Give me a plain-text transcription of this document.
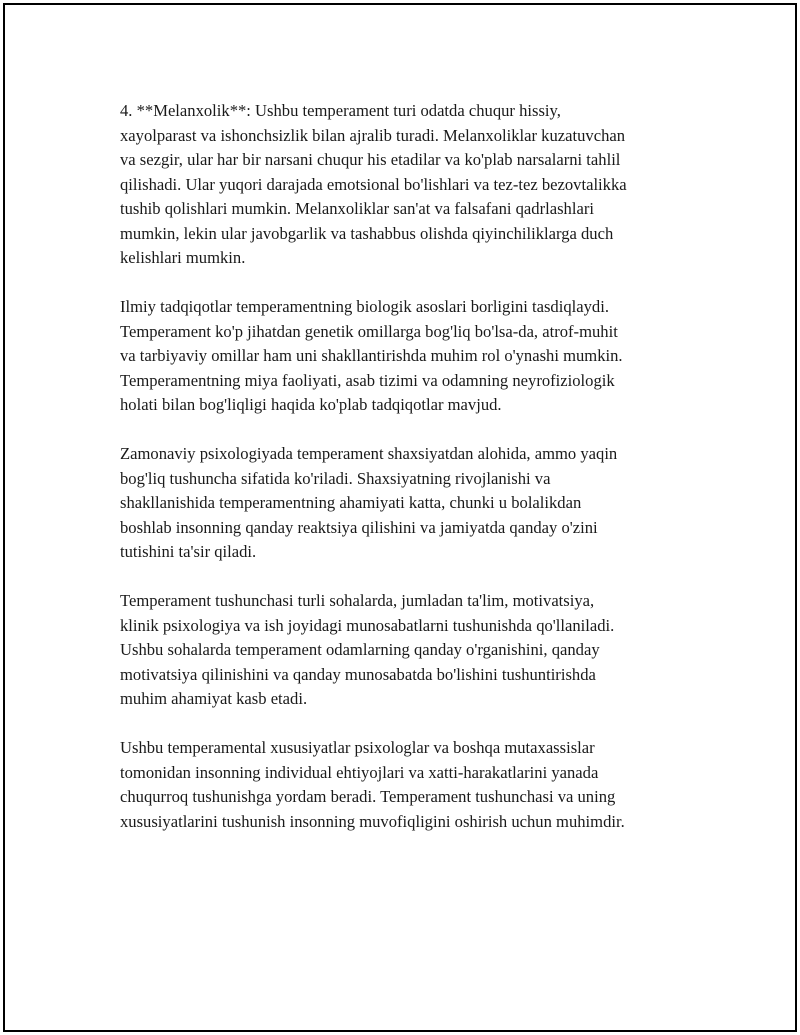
4. **Melanxolik**: Ushbu temperament turi odatda chuqur hissiy,
xayolparast va ishonchsizlik bilan ajralib turadi. Melanxoliklar kuzatuvchan
va sezgir, ular har bir narsani chuqur his etadilar va ko'plab narsalarni tahlil
qilishadi. Ular yuqori darajada emotsional bo'lishlari va tez-tez bezovtalikka
tushib qolishlari mumkin. Melanxoliklar san'at va falsafani qadrlashlari
mumkin, lekin ular javobgarlik va tashabbus olishda qiyinchiliklarga duch
kelishlari mumkin.

Ilmiy tadqiqotlar temperamentning biologik asoslari borligini tasdiqlaydi.
Temperament ko'p jihatdan genetik omillarga bog'liq bo'lsa-da, atrof-muhit
va tarbiyaviy omillar ham uni shakllantirishda muhim rol o'ynashi mumkin.
Temperamentning miya faoliyati, asab tizimi va odamning neyrofiziologik
holati bilan bog'liqligi haqida ko'plab tadqiqotlar mavjud.

Zamonaviy psixologiyada temperament shaxsiyatdan alohida, ammo yaqin
bog'liq tushuncha sifatida ko'riladi. Shaxsiyatning rivojlanishi va
shakllanishida temperamentning ahamiyati katta, chunki u bolalikdan
boshlab insonning qanday reaktsiya qilishini va jamiyatda qanday o'zini
tutishini ta'sir qiladi.

Temperament tushunchasi turli sohalarda, jumladan ta'lim, motivatsiya,
klinik psixologiya va ish joyidagi munosabatlarni tushunishda qo'llaniladi.
Ushbu sohalarda temperament odamlarning qanday o'rganishini, qanday
motivatsiya qilinishini va qanday munosabatda bo'lishini tushuntirishda
muhim ahamiyat kasb etadi.

Ushbu temperamental xususiyatlar psixologlar va boshqa mutaxassislar
tomonidan insonning individual ehtiyojlari va xatti-harakatlarini yanada
chuqurroq tushunishga yordam beradi. Temperament tushunchasi va uning
xususiyatlarini tushunish insonning muvofiqligini oshirish uchun muhimdir.
